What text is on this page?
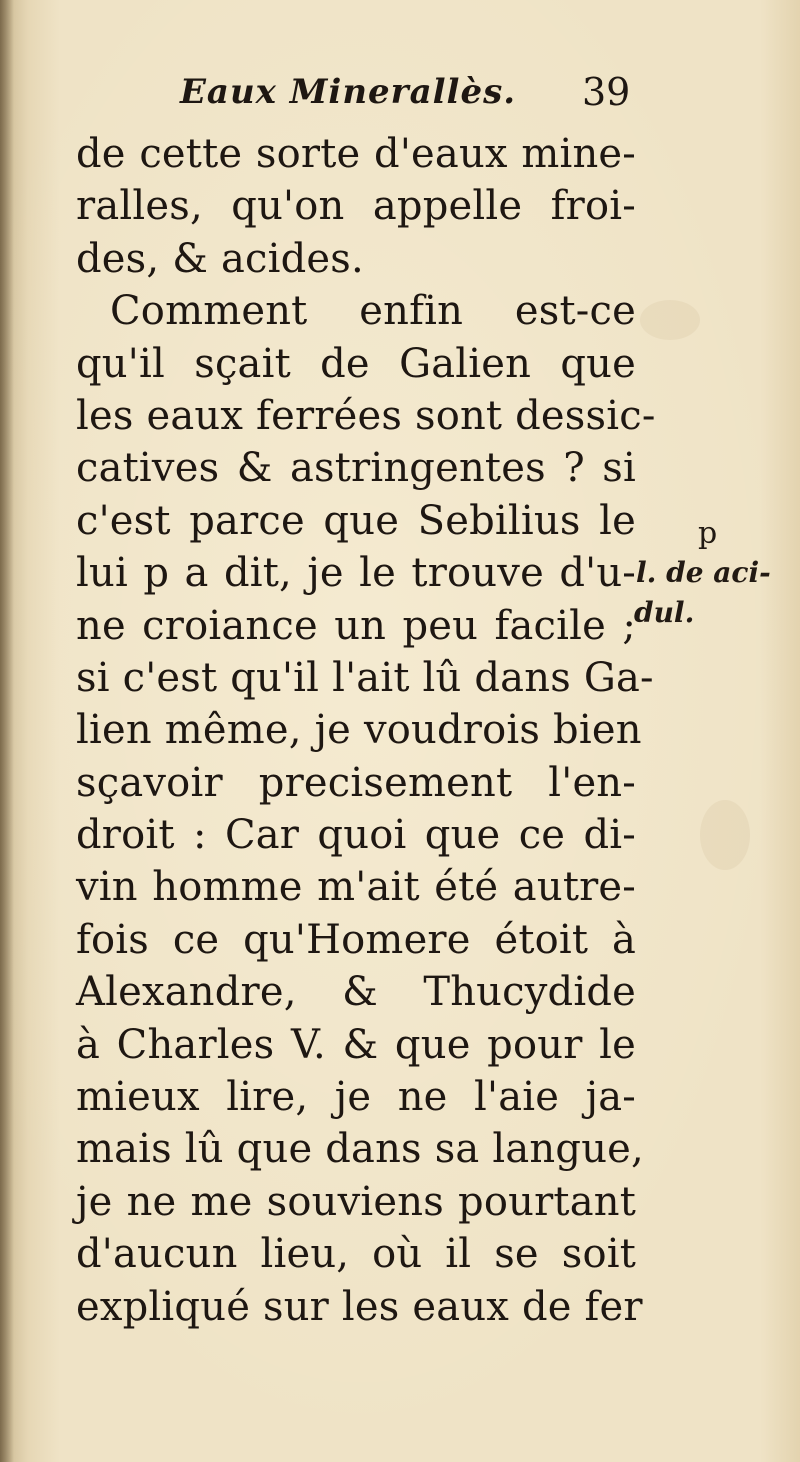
Eaux Minerallès. 39
de cette sorte d'eaux mine-
ralles, qu'on appelle froi-
des, & acides.
Comment enfin est-ce
qu'il sçait de Galien que
les eaux ferrées sont dessic-
catives & astringentes ? si
c'est parce que Sebilius le
lui p a dit, je le trouve d'u-
ne croiance un peu facile ;
si c'est qu'il l'ait lû dans Ga-
lien même, je voudrois bien
sçavoir precisement l'en-
droit : Car quoi que ce di-
vin homme m'ait été autre-
fois ce qu'Homere étoit à
Alexandre, & Thucydide
à Charles V. & que pour le
mieux lire, je ne l'aie ja-
mais lû que dans sa langue,
je ne me souviens pourtant
d'aucun lieu, où il se soit
expliqué sur les eaux de fer
p
l. de aci-
dul.
